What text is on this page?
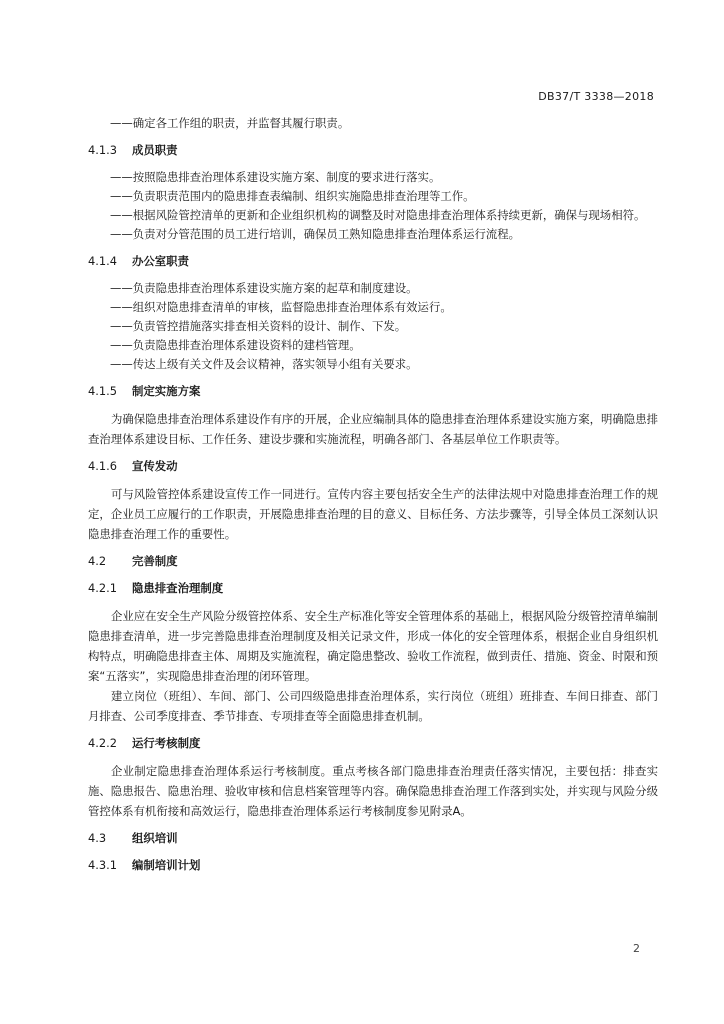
DB37/T 3338—2018
——确定各工作组的职责，并监督其履行职责。
4.1.3 成员职责
——按照隐患排查治理体系建设实施方案、制度的要求进行落实。
——负责职责范围内的隐患排查表编制、组织实施隐患排查治理等工作。
——根据风险管控清单的更新和企业组织机构的调整及时对隐患排查治理体系持续更新，确保与现场相符。
——负责对分管范围的员工进行培训，确保员工熟知隐患排查治理体系运行流程。
4.1.4 办公室职责
——负责隐患排查治理体系建设实施方案的起草和制度建设。
——组织对隐患排查清单的审核，监督隐患排查治理体系有效运行。
——负责管控措施落实排查相关资料的设计、制作、下发。
——负责隐患排查治理体系建设资料的建档管理。
——传达上级有关文件及会议精神，落实领导小组有关要求。
4.1.5 制定实施方案
为确保隐患排查治理体系建设作有序的开展，企业应编制具体的隐患排查治理体系建设实施方案，明确隐患排查治理体系建设目标、工作任务、建设步骤和实施流程，明确各部门、各基层单位工作职责等。
4.1.6 宣传发动
可与风险管控体系建设宣传工作一同进行。宣传内容主要包括安全生产的法律法规中对隐患排查治理工作的规定，企业员工应履行的工作职责，开展隐患排查治理的目的意义、目标任务、方法步骤等，引导全体员工深刻认识隐患排查治理工作的重要性。
4.2 完善制度
4.2.1 隐患排查治理制度
企业应在安全生产风险分级管控体系、安全生产标准化等安全管理体系的基础上，根据风险分级管控清单编制隐患排查清单，进一步完善隐患排查治理制度及相关记录文件，形成一体化的安全管理体系，根据企业自身组织机构特点，明确隐患排查主体、周期及实施流程，确定隐患整改、验收工作流程，做到责任、措施、资金、时限和预案“五落实”，实现隐患排查治理的闭环管理。
建立岗位（班组）、车间、部门、公司四级隐患排查治理体系，实行岗位（班组）班排查、车间日排查、部门月排查、公司季度排查、季节排查、专项排查等全面隐患排查机制。
4.2.2 运行考核制度
企业制定隐患排查治理体系运行考核制度。重点考核各部门隐患排查治理责任落实情况，主要包括：排查实施、隐患报告、隐患治理、验收审核和信息档案管理等内容。确保隐患排查治理工作落到实处，并实现与风险分级管控体系有机衔接和高效运行，隐患排查治理体系运行考核制度参见附录A。
4.3 组织培训
4.3.1 编制培训计划
2
